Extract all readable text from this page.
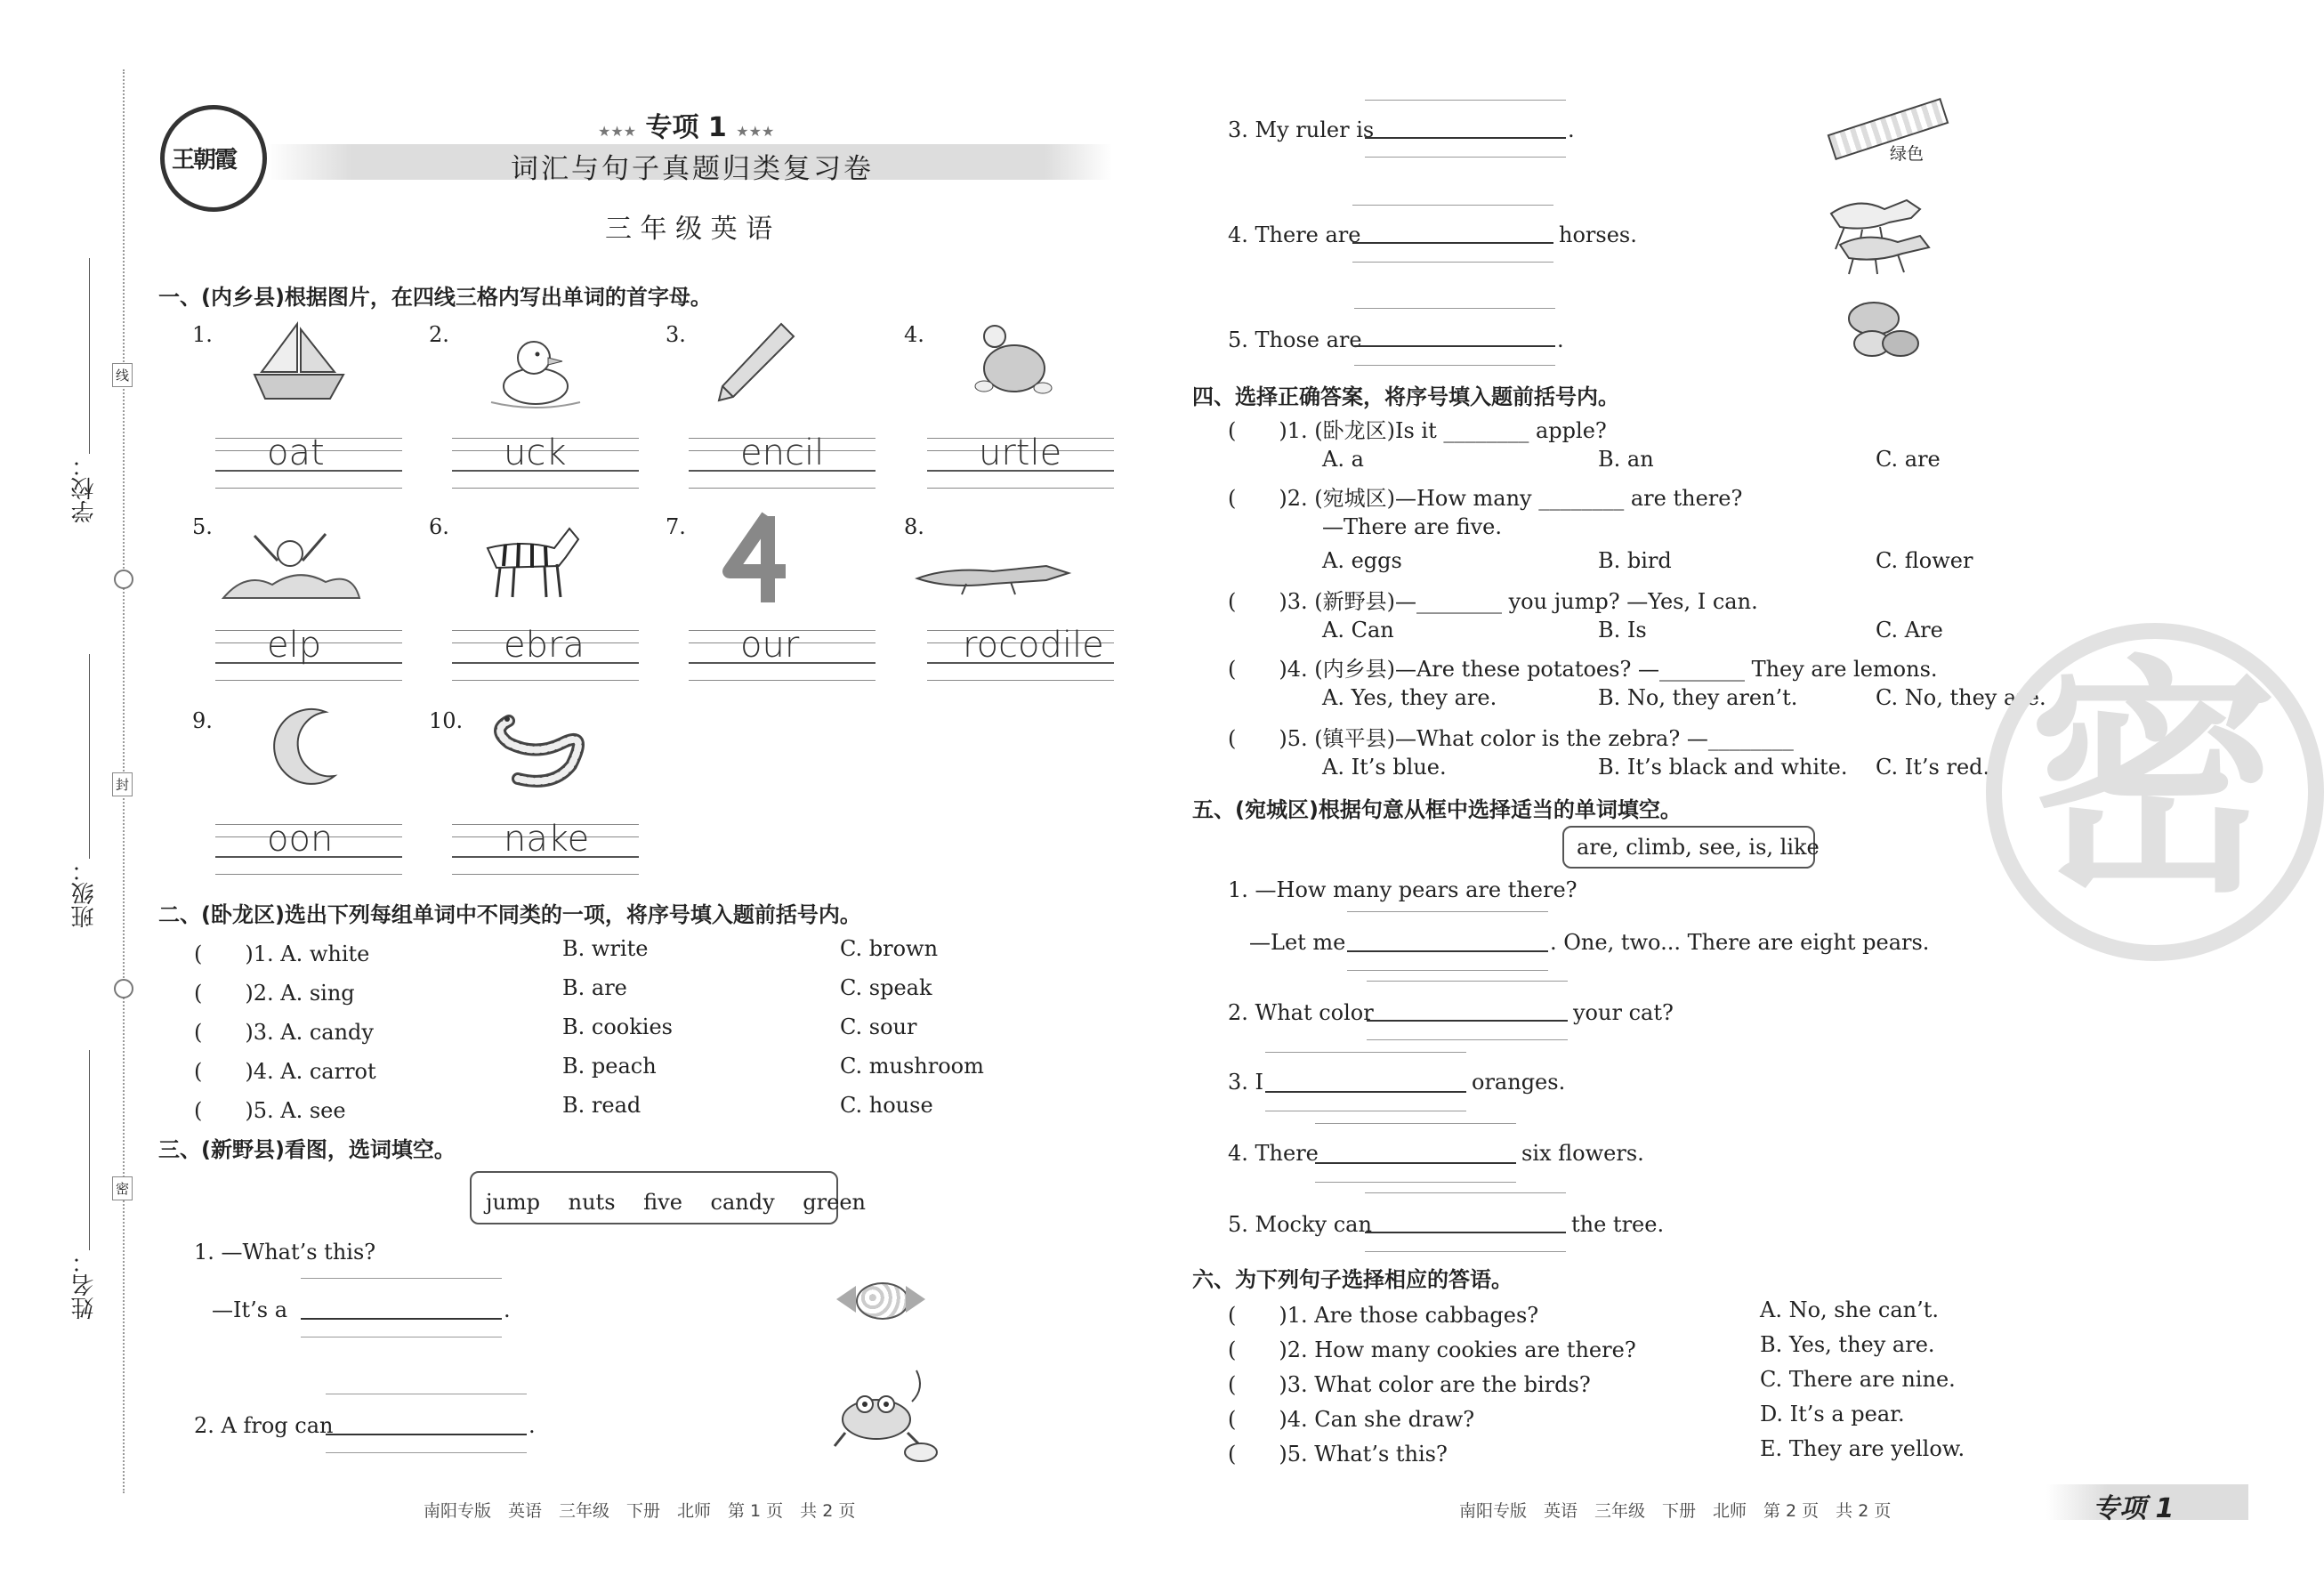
学校：
班级：
姓名：
线
封
密
王朝霞
★★★ 专项 1 ★★★
词汇与句子真题归类复习卷
三 年 级 英 语
一、(内乡县)根据图片，在四线三格内写出单词的首字母。
1.
oat
2.
uck
3.
encil
4.
urtle
5.
elp
6.
ebra
7.
our
8.
rocodile
9.
oon
10.
nake
二、(卧龙区)选出下列每组单词中不同类的一项，将序号填入题前括号内。
(　　)1. A. white	B. write	C. brown
(　　)2. A. sing	B. are	C. speak
(　　)3. A. candy	B. cookies	C. sour
(　　)4. A. carrot	B. peach	C. mushroom
(　　)5. A. see	B. read	C. house
三、(新野县)看图，选词填空。
jump　 nuts　 five　 candy　 green
1. —What’s this?
—It’s a	.
2. A frog can	.
3. My ruler is	.
绿色
4. There are	horses.
5. Those are	.
四、选择正确答案，将序号填入题前括号内。
(　　)1. (卧龙区)Is it ________ apple?
A. a	B. an	C. are
(　　)2. (宛城区)—How many ________ are there?
—There are five.
A. eggs	B. bird	C. flower
(　　)3. (新野县)—________ you jump? —Yes, I can.
A. Can	B. Is	C. Are
(　　)4. (内乡县)—Are these potatoes? —________ They are lemons.
A. Yes, they are.	B. No, they aren’t.	C. No, they are.
(　　)5. (镇平县)—What color is the zebra? —________
A. It’s blue.	B. It’s black and white. C. It’s red.
五、(宛城区)根据句意从框中选择适当的单词填空。
are, climb, see, is, like
1. —How many pears are there?
—Let me	. One, two... There are eight pears.
2. What color	your cat?
3. I	oranges.
4. There	six flowers.
5. Mocky can	the tree.
六、为下列句子选择相应的答语。
(　　)1. Are those cabbages?	A. No, she can’t.
(　　)2. How many cookies are there?	B. Yes, they are.
(　　)3. What color are the birds?	C. There are nine.
(　　)4. Can she draw?	D. It’s a pear.
(　　)5. What’s this?	E. They are yellow.
密
南阳专版　英语　三年级　下册　北师　第 1 页　共 2 页	南阳专版　英语　三年级　下册　北师　第 2 页　共 2 页	专项 1
